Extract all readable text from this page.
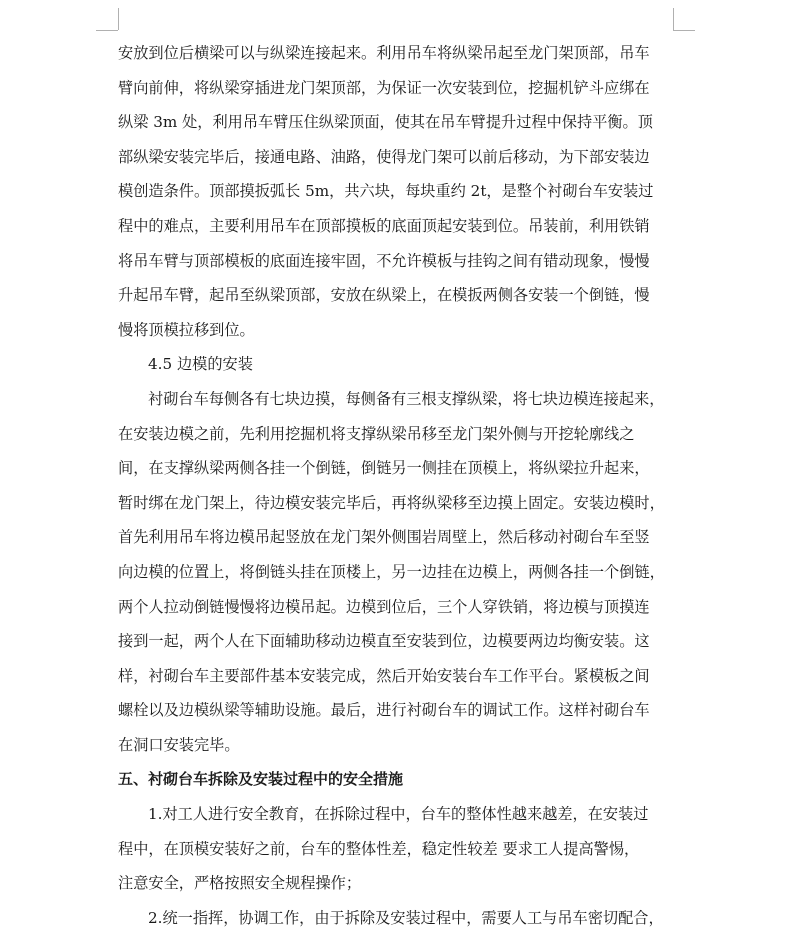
安放到位后横梁可以与纵梁连接起来。利用吊车将纵梁吊起至龙门架顶部，吊车
臂向前伸，将纵梁穿插进龙门架顶部，为保证一次安装到位，挖掘机铲斗应绑在
纵梁 3m 处，利用吊车臂压住纵梁顶面，使其在吊车臂提升过程中保持平衡。顶
部纵梁安装完毕后，接通电路、油路，使得龙门架可以前后移动，为下部安装边
模创造条件。顶部摸扳弧长 5m，共六块，每块重约 2t，是整个衬砌台车安装过
程中的难点，主要利用吊车在顶部摸板的底面顶起安装到位。吊装前，利用铁销
将吊车臂与顶部模板的底面连接牢固，不允许模板与挂钩之间有错动现象，慢慢
升起吊车臂，起吊至纵梁顶部，安放在纵梁上，在模扳两侧各安装一个倒链，慢
慢将顶模拉移到位。
4.5 边模的安装
衬砌台车每侧各有七块边摸，每侧备有三根支撑纵梁，将七块边模连接起来，
在安装边模之前，先利用挖掘机将支撑纵梁吊移至龙门架外侧与开挖轮廓线之
间，在支撑纵梁两侧各挂一个倒链，倒链另一侧挂在顶模上，将纵梁拉升起来，
暂时绑在龙门架上，待边模安装完毕后，再将纵梁移至边摸上固定。安装边模时，
首先利用吊车将边模吊起竖放在龙门架外侧围岩周壁上，然后移动衬砌台车至竖
向边模的位置上，将倒链头挂在顶楼上，另一边挂在边模上，两侧各挂一个倒链，
两个人拉动倒链慢慢将边模吊起。边模到位后，三个人穿铁销，将边模与顶摸连
接到一起，两个人在下面辅助移动边模直至安装到位，边模要两边均衡安装。这
样，衬砌台车主要部件基本安装完成，然后开始安装台车工作平台。紧模板之间
螺栓以及边模纵梁等辅助设施。最后，进行衬砌台车的调试工作。这样衬砌台车
在洞口安装完毕。
五、衬砌台车拆除及安装过程中的安全措施
1.对工人进行安全教育，在拆除过程中，台车的整体性越来越差，在安装过
程中，在顶模安装好之前，台车的整体性差，稳定性较差 要求工人提高警惕，
注意安全，严格按照安全规程操作；
2.统一指挥，协调工作，由于拆除及安装过程中，需要人工与吊车密切配合，
